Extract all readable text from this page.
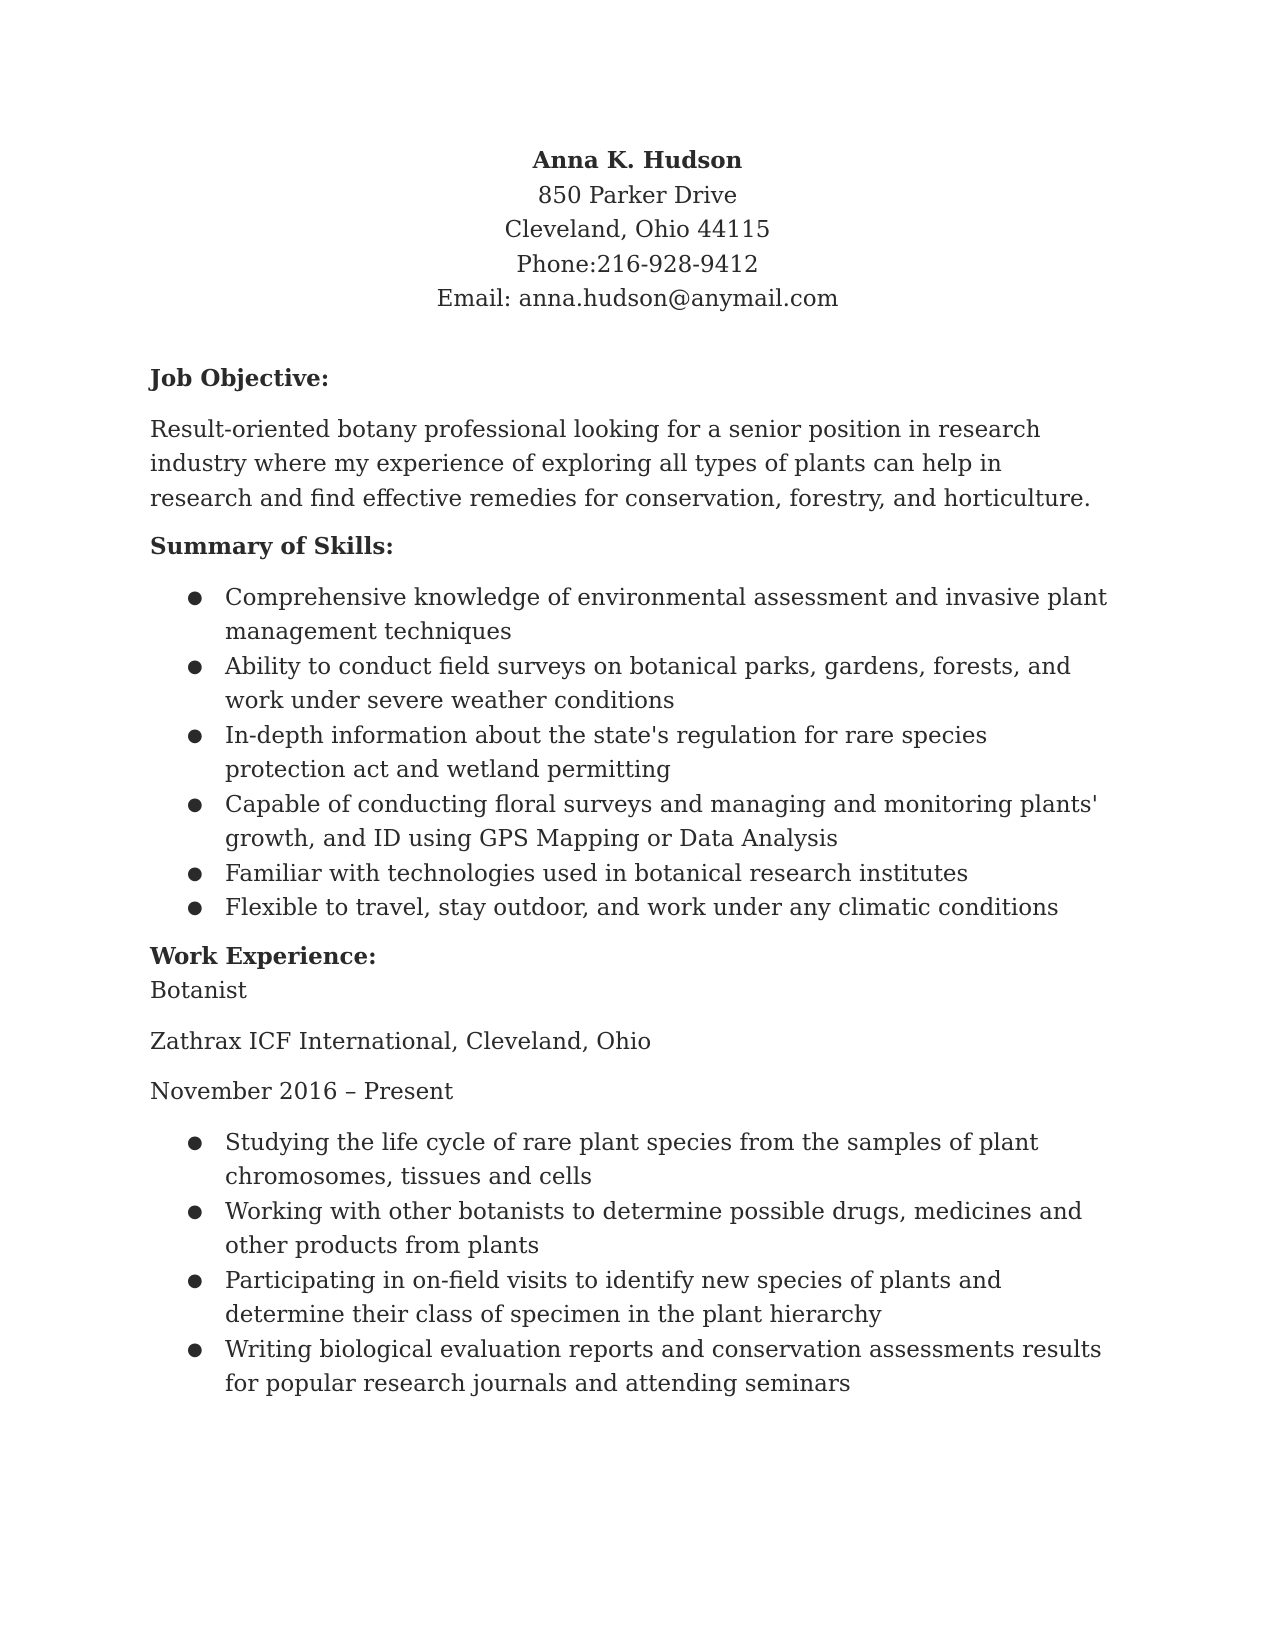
Anna K. Hudson
850 Parker Drive
Cleveland, Ohio 44115
Phone:216-928-9412
Email: anna.hudson@anymail.com

Job Objective:

Result-oriented botany professional looking for a senior position in research industry where my experience of exploring all types of plants can help in research and find effective remedies for conservation, forestry, and horticulture.

Summary of Skills:

● Comprehensive knowledge of environmental assessment and invasive plant management techniques
● Ability to conduct field surveys on botanical parks, gardens, forests, and work under severe weather conditions
● In-depth information about the state's regulation for rare species protection act and wetland permitting
● Capable of conducting floral surveys and managing and monitoring plants' growth, and ID using GPS Mapping or Data Analysis
● Familiar with technologies used in botanical research institutes
● Flexible to travel, stay outdoor, and work under any climatic conditions

Work Experience:

Botanist

Zathrax ICF International, Cleveland, Ohio

November 2016 – Present

● Studying the life cycle of rare plant species from the samples of plant chromosomes, tissues and cells
● Working with other botanists to determine possible drugs, medicines and other products from plants
● Participating in on-field visits to identify new species of plants and determine their class of specimen in the plant hierarchy
● Writing biological evaluation reports and conservation assessments results for popular research journals and attending seminars
